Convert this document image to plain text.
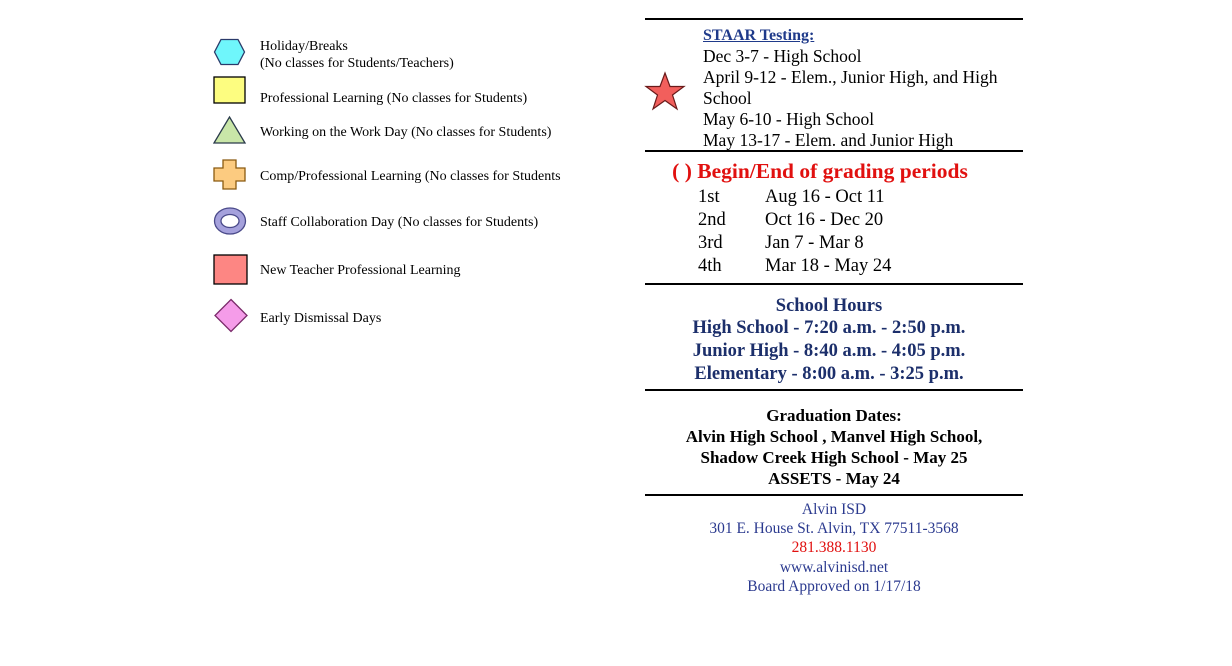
Holiday/Breaks
(No classes for Students/Teachers)
Professional Learning (No classes for Students)
Working on the Work Day (No classes for Students)
Comp/Professional Learning (No classes for Students
Staff Collaboration Day (No classes for Students)
New Teacher Professional Learning
Early Dismissal Days
STAAR Testing:
Dec 3-7 - High School
April 9-12 - Elem., Junior High, and High
School
May 6-10 - High School
May 13-17 - Elem. and Junior High
( ) Begin/End of grading periods
1st Aug 16 - Oct 11
2nd Oct 16 - Dec 20
3rd Jan 7 - Mar 8
4th Mar 18 - May 24
School Hours
High School - 7:20 a.m. - 2:50 p.m.
Junior High - 8:40 a.m. - 4:05 p.m.
Elementary - 8:00 a.m. - 3:25 p.m.
Graduation Dates:
Alvin High School , Manvel High School,
Shadow Creek High School - May 25
ASSETS - May 24
Alvin ISD
301 E. House St. Alvin, TX 77511-3568
281.388.1130
www.alvinisd.net
Board Approved on 1/17/18
